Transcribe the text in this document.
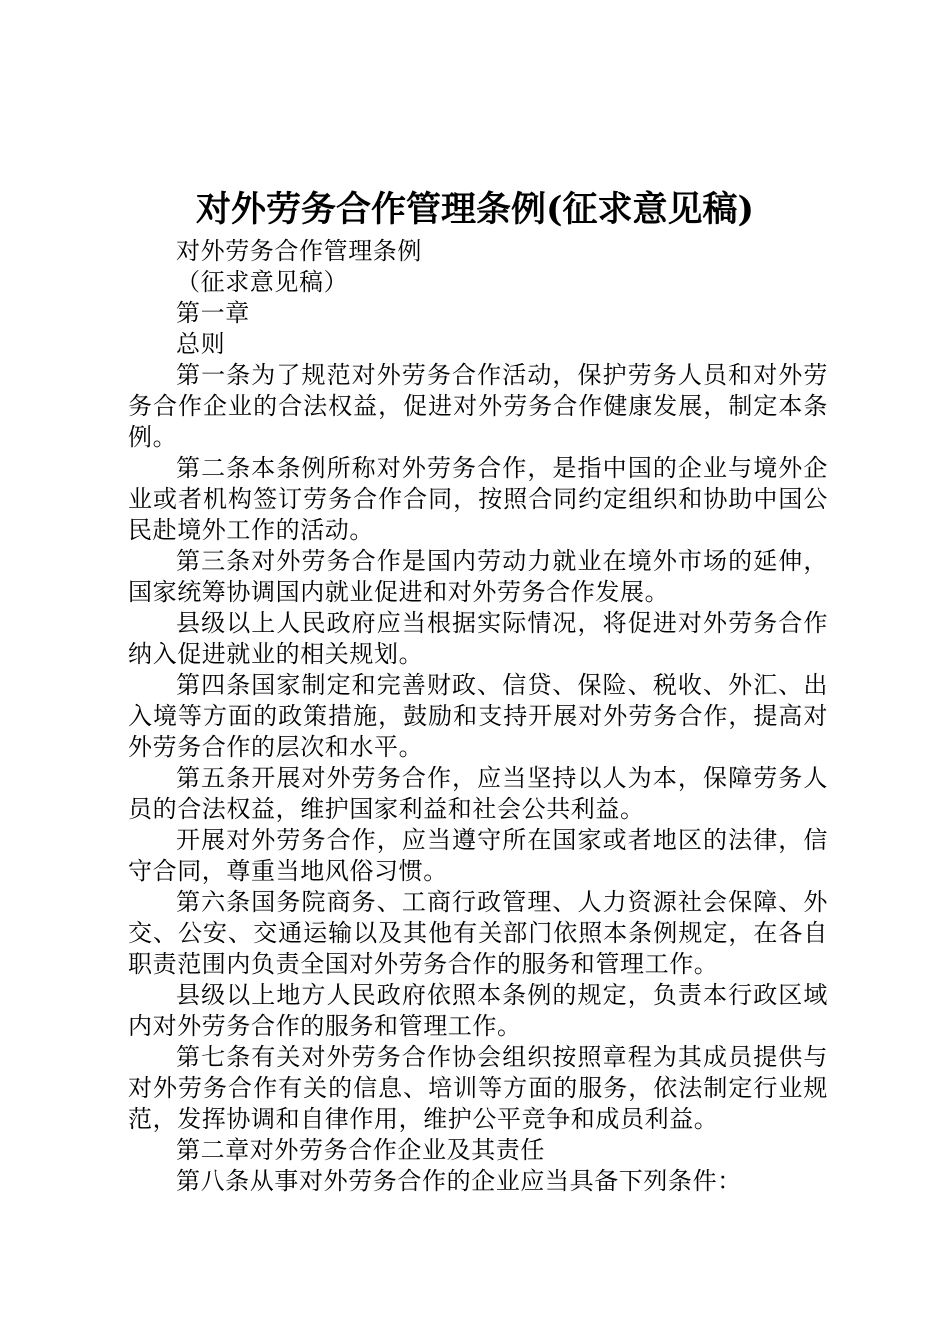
对外劳务合作管理条例(征求意见稿)

对外劳务合作管理条例

（征求意见稿）

第一章

总则

第一条为了规范对外劳务合作活动，保护劳务人员和对外劳务合作企业的合法权益，促进对外劳务合作健康发展，制定本条例。

第二条本条例所称对外劳务合作，是指中国的企业与境外企业或者机构签订劳务合作合同，按照合同约定组织和协助中国公民赴境外工作的活动。

第三条对外劳务合作是国内劳动力就业在境外市场的延伸，国家统筹协调国内就业促进和对外劳务合作发展。

县级以上人民政府应当根据实际情况，将促进对外劳务合作纳入促进就业的相关规划。

第四条国家制定和完善财政、信贷、保险、税收、外汇、出入境等方面的政策措施，鼓励和支持开展对外劳务合作，提高对外劳务合作的层次和水平。

第五条开展对外劳务合作，应当坚持以人为本，保障劳务人员的合法权益，维护国家利益和社会公共利益。

开展对外劳务合作，应当遵守所在国家或者地区的法律，信守合同，尊重当地风俗习惯。

第六条国务院商务、工商行政管理、人力资源社会保障、外交、公安、交通运输以及其他有关部门依照本条例规定，在各自职责范围内负责全国对外劳务合作的服务和管理工作。

县级以上地方人民政府依照本条例的规定，负责本行政区域内对外劳务合作的服务和管理工作。

第七条有关对外劳务合作协会组织按照章程为其成员提供与对外劳务合作有关的信息、培训等方面的服务，依法制定行业规范，发挥协调和自律作用，维护公平竞争和成员利益。

第二章对外劳务合作企业及其责任

第八条从事对外劳务合作的企业应当具备下列条件：
